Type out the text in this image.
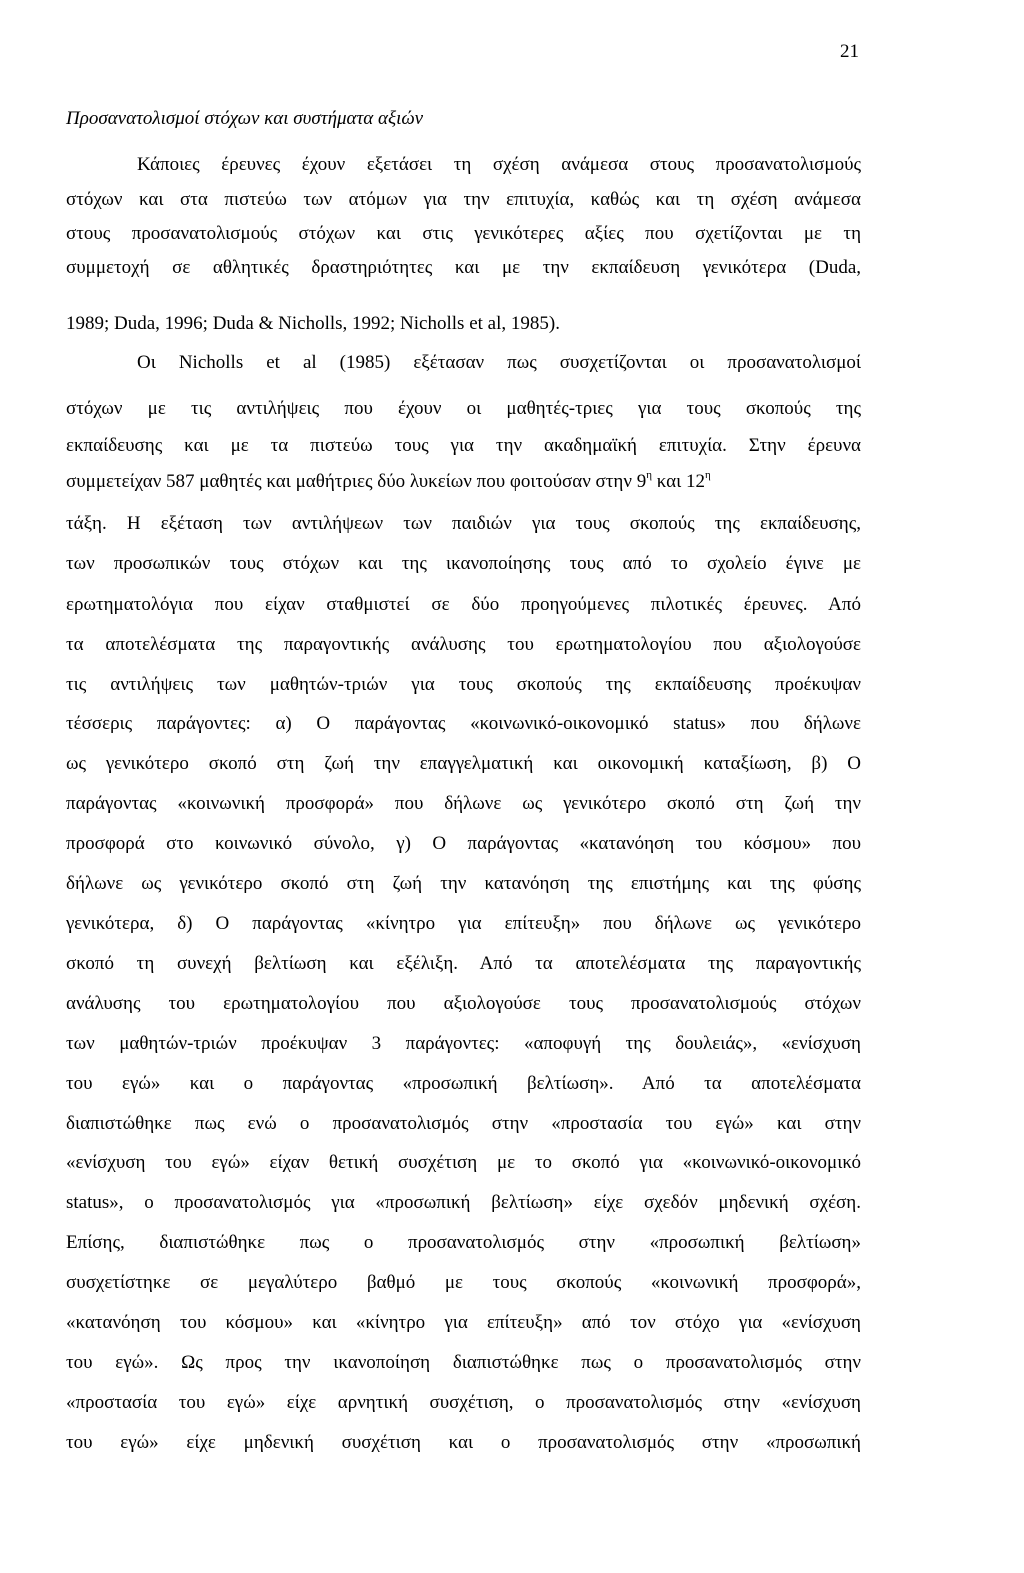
21
Προσανατολισμοί στόχων και συστήματα αξιών

Κάποιες έρευνες έχουν εξετάσει τη σχέση ανάμεσα στους προσανατολισμούς

στόχων και στα πιστεύω των ατόμων για την επιτυχία, καθώς και τη σχέση ανάμεσα

στους προσανατολισμούς στόχων και στις γενικότερες αξίες που σχετίζονται με τη

συμμετοχή σε αθλητικές δραστηριότητες και με την εκπαίδευση γενικότερα (Duda,

1989; Duda, 1996; Duda & Nicholls, 1992; Nicholls et al, 1985).

Οι Nicholls et al (1985) εξέτασαν πως συσχετίζονται οι προσανατολισμοί

στόχων με τις αντιλήψεις που έχουν οι μαθητές-τριες για τους σκοπούς της

εκπαίδευσης και με τα πιστεύω τους για την ακαδημαϊκή επιτυχία. Στην έρευνα

συμμετείχαν 587 μαθητές και μαθήτριες δύο λυκείων που φοιτούσαν στην $9^\eta$ και $12^\eta$

τάξη. Η εξέταση των αντιλήψεων των παιδιών για τους σκοπούς της εκπαίδευσης,

των προσωπικών τους στόχων και της ικανοποίησης τους από το σχολείο έγινε με

ερωτηματολόγια που είχαν σταθμιστεί σε δύο προηγούμενες πιλοτικές έρευνες. Από

τα αποτελέσματα της παραγοντικής ανάλυσης του ερωτηματολογίου που αξιολογούσε

τις αντιλήψεις των μαθητών-τριών για τους σκοπούς της εκπαίδευσης προέκυψαν

τέσσερις παράγοντες: α) Ο παράγοντας «κοινωνικό-οικονομικό status» που δήλωνε

ως γενικότερο σκοπό στη ζωή την επαγγελματική και οικονομική καταξίωση, β) Ο

παράγοντας «κοινωνική προσφορά» που δήλωνε ως γενικότερο σκοπό στη ζωή την

προσφορά στο κοινωνικό σύνολο, γ) Ο παράγοντας «κατανόηση του κόσμου» που

δήλωνε ως γενικότερο σκοπό στη ζωή την κατανόηση της επιστήμης και της φύσης

γενικότερα, δ) Ο παράγοντας «κίνητρο για επίτευξη» που δήλωνε ως γενικότερο

σκοπό τη συνεχή βελτίωση και εξέλιξη. Από τα αποτελέσματα της παραγοντικής

ανάλυσης του ερωτηματολογίου που αξιολογούσε τους προσανατολισμούς στόχων

των μαθητών-τριών προέκυψαν 3 παράγοντες: «αποφυγή της δουλειάς», «ενίσχυση

του εγώ» και ο παράγοντας «προσωπική βελτίωση». Από τα αποτελέσματα

διαπιστώθηκε πως ενώ ο προσανατολισμός στην «προστασία του εγώ» και στην

«ενίσχυση του εγώ» είχαν θετική συσχέτιση με το σκοπό για «κοινωνικό-οικονομικό

status», ο προσανατολισμός για «προσωπική βελτίωση» είχε σχεδόν μηδενική σχέση.

Επίσης, διαπιστώθηκε πως ο προσανατολισμός στην «προσωπική βελτίωση»

συσχετίστηκε σε μεγαλύτερο βαθμό με τους σκοπούς «κοινωνική προσφορά»,

«κατανόηση του κόσμου» και «κίνητρο για επίτευξη» από τον στόχο για «ενίσχυση

του εγώ». Ως προς την ικανοποίηση διαπιστώθηκε πως ο προσανατολισμός στην

«προστασία του εγώ» είχε αρνητική συσχέτιση, ο προσανατολισμός στην «ενίσχυση

του εγώ» είχε μηδενική συσχέτιση και ο προσανατολισμός στην «προσωπική
